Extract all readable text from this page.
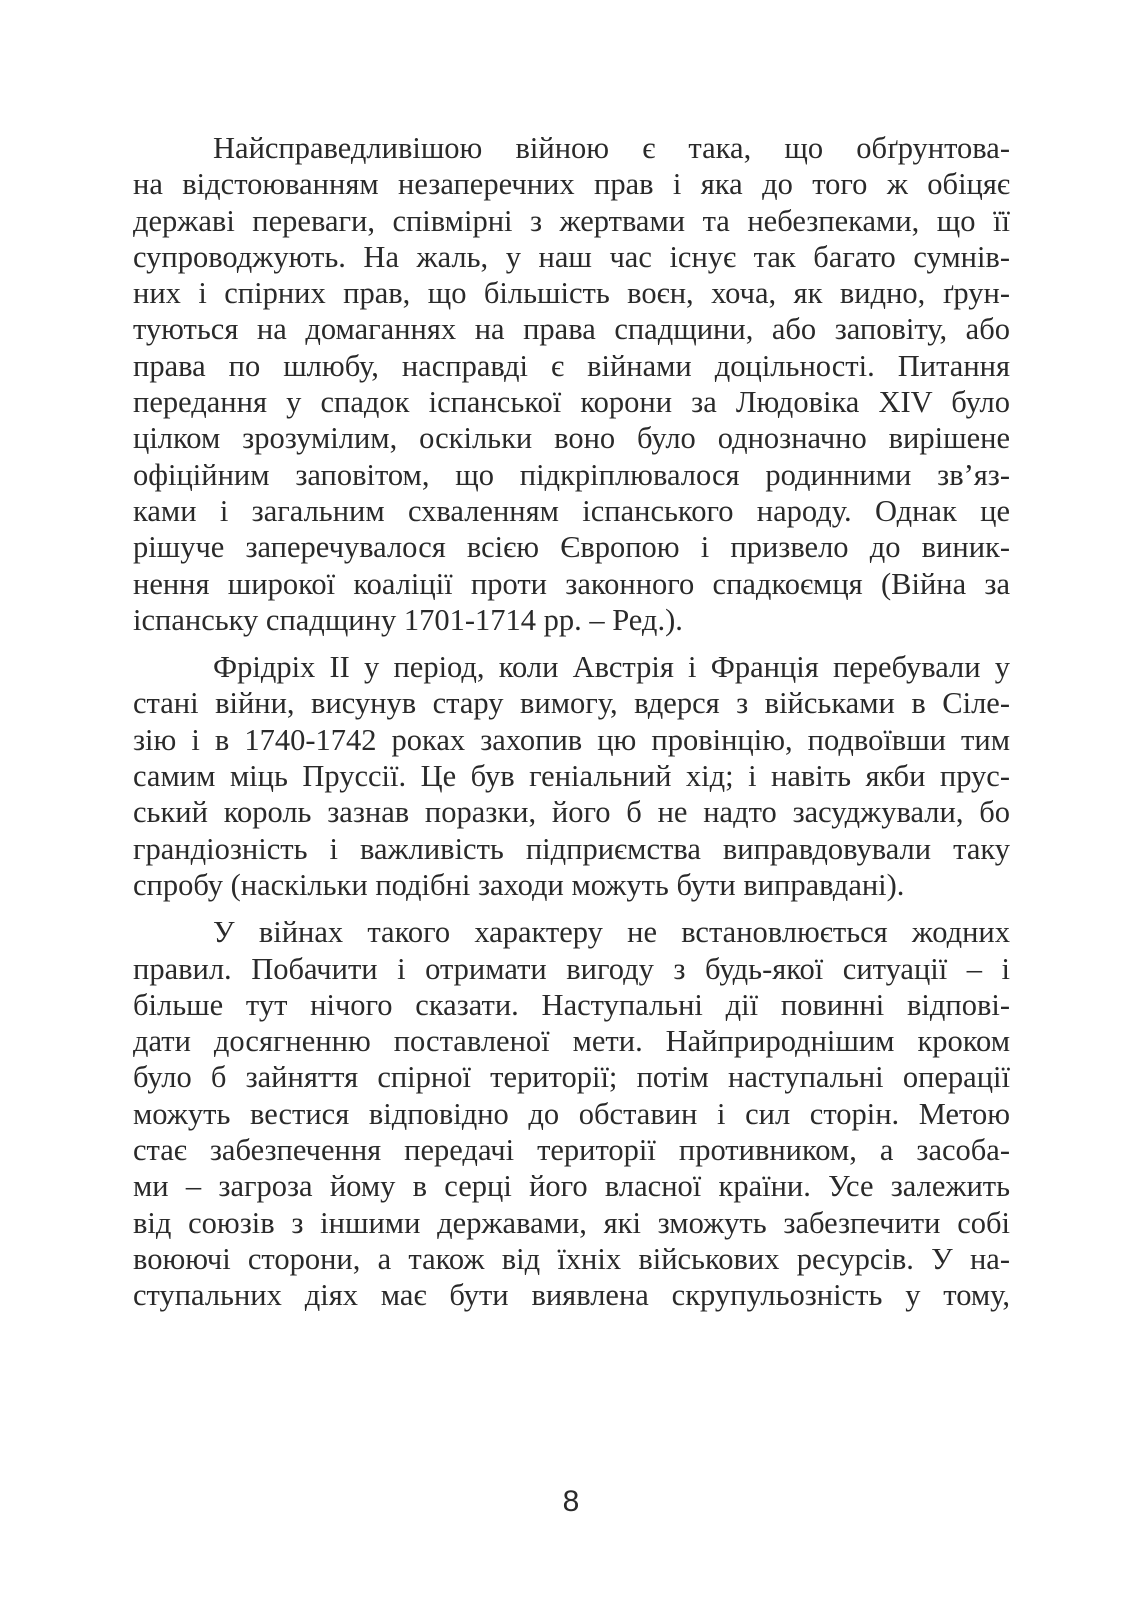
Найсправедливішою війною є така, що обґрунтова-
на відстоюванням незаперечних прав і яка до того ж обіцяє
державі переваги, співмірні з жертвами та небезпеками, що її
супроводжують. На жаль, у наш час існує так багато сумнів-
них і спірних прав, що більшість воєн, хоча, як видно, ґрун-
туються на домаганнях на права спадщини, або заповіту, або
права по шлюбу, насправді є війнами доцільності. Питання
передання у спадок іспанської корони за Людовіка XIV було
цілком зрозумілим, оскільки воно було однозначно вирішене
офіційним заповітом, що підкріплювалося родинними зв’яз-
ками і загальним схваленням іспанського народу. Однак це
рішуче заперечувалося всією Європою і призвело до виник-
нення широкої коаліції проти законного спадкоємця (Війна за
іспанську спадщину 1701-1714 рр. – Ред.).

Фрідріх II у період, коли Австрія і Франція перебували у
стані війни, висунув стару вимогу, вдерся з військами в Сіле-
зію і в 1740-1742 роках захопив цю провінцію, подвоївши тим
самим міць Пруссії. Це був геніальний хід; і навіть якби прус-
ський король зазнав поразки, його б не надто засуджували, бо
грандіозність і важливість підприємства виправдовували таку
спробу (наскільки подібні заходи можуть бути виправдані).

У війнах такого характеру не встановлюється жодних
правил. Побачити і отримати вигоду з будь-якої ситуації – і
більше тут нічого сказати. Наступальні дії повинні відпові-
дати досягненню поставленої мети. Найприроднішим кроком
було б зайняття спірної території; потім наступальні операції
можуть вестися відповідно до обставин і сил сторін. Метою
стає забезпечення передачі території противником, а засоба-
ми – загроза йому в серці його власної країни. Усе залежить
від союзів з іншими державами, які зможуть забезпечити собі
воюючі сторони, а також від їхніх військових ресурсів. У на-
ступальних діях має бути виявлена скрупульозність у тому,

8
